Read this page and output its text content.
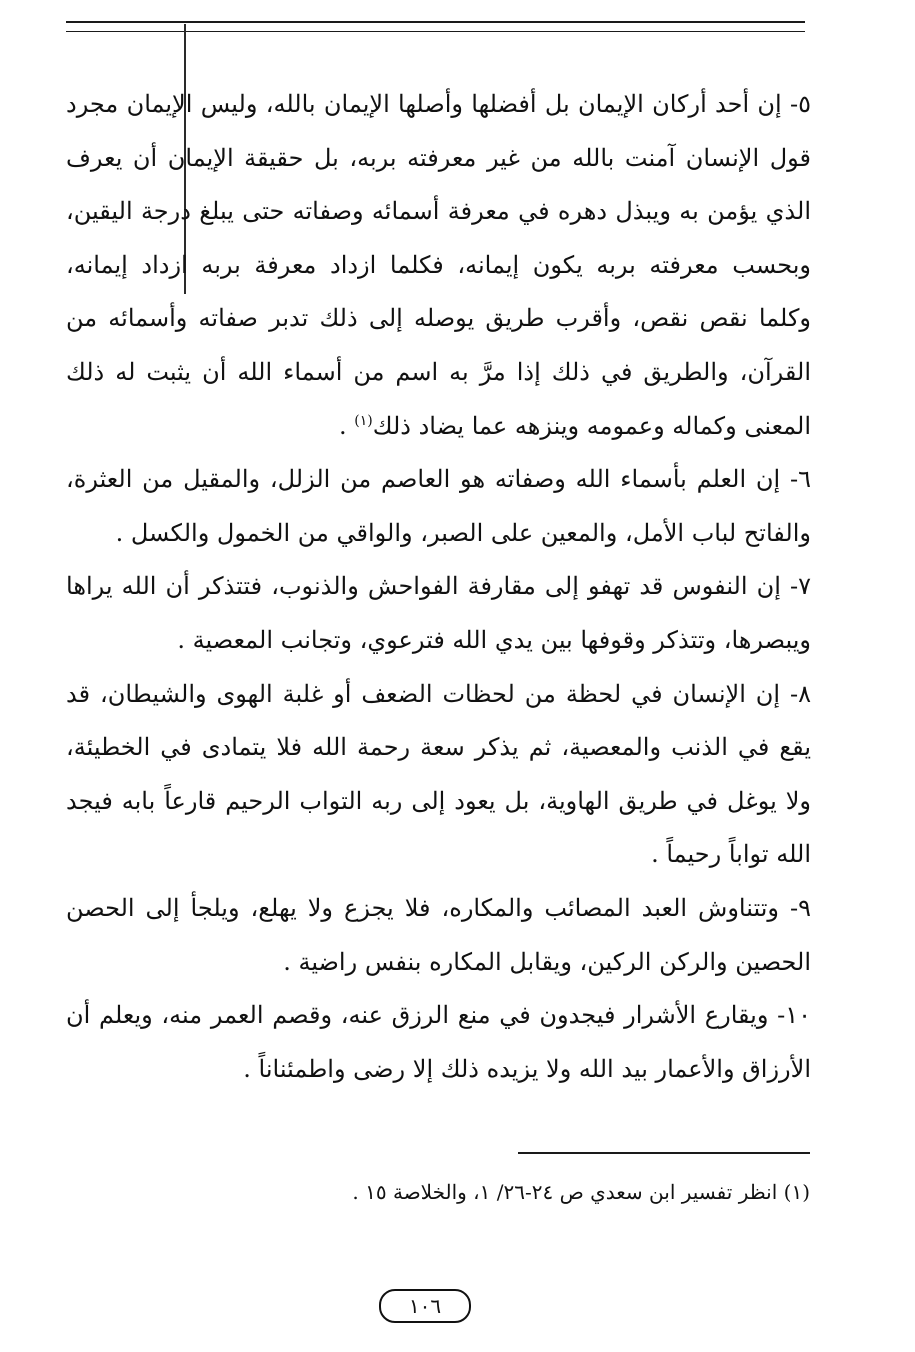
٥- إن أحد أركان الإيمان بل أفضلها وأصلها الإيمان بالله، وليس الإيمان مجرد قول الإنسان آمنت بالله من غير معرفته بربه، بل حقيقة الإيمان أن يعرف الذي يؤمن به ويبذل دهره في معرفة أسمائه وصفاته حتى يبلغ درجة اليقين، وبحسب معرفته بربه يكون إيمانه، فكلما ازداد معرفة بربه ازداد إيمانه، وكلما نقص نقص، وأقرب طريق يوصله إلى ذلك تدبر صفاته وأسمائه من القرآن، والطريق في ذلك إذا مرَّ به اسم من أسماء الله أن يثبت له ذلك المعنى وكماله وعمومه وينزهه عما يضاد ذلك$^{(١)}$ .

٦- إن العلم بأسماء الله وصفاته هو العاصم من الزلل، والمقيل من العثرة، والفاتح لباب الأمل، والمعين على الصبر، والواقي من الخمول والكسل .

٧- إن النفوس قد تهفو إلى مقارفة الفواحش والذنوب، فتتذكر أن الله يراها ويبصرها، وتتذكر وقوفها بين يدي الله فترعوي، وتجانب المعصية .

٨- إن الإنسان في لحظة من لحظات الضعف أو غلبة الهوى والشيطان، قد يقع في الذنب والمعصية، ثم يذكر سعة رحمة الله فلا يتمادى في الخطيئة، ولا يوغل في طريق الهاوية، بل يعود إلى ربه التواب الرحيم قارعاً بابه فيجد الله تواباً رحيماً .

٩- وتتناوش العبد المصائب والمكاره، فلا يجزع ولا يهلع، ويلجأ إلى الحصن الحصين والركن الركين، ويقابل المكاره بنفس راضية .

١٠- ويقارع الأشرار فيجدون في منع الرزق عنه، وقصم العمر منه، ويعلم أن الأرزاق والأعمار بيد الله ولا يزيده ذلك إلا رضى واطمئناناً .

(١) انظر تفسير ابن سعدي ص ٢٤-٢٦/ ١، والخلاصة ١٥ .
١٠٦
